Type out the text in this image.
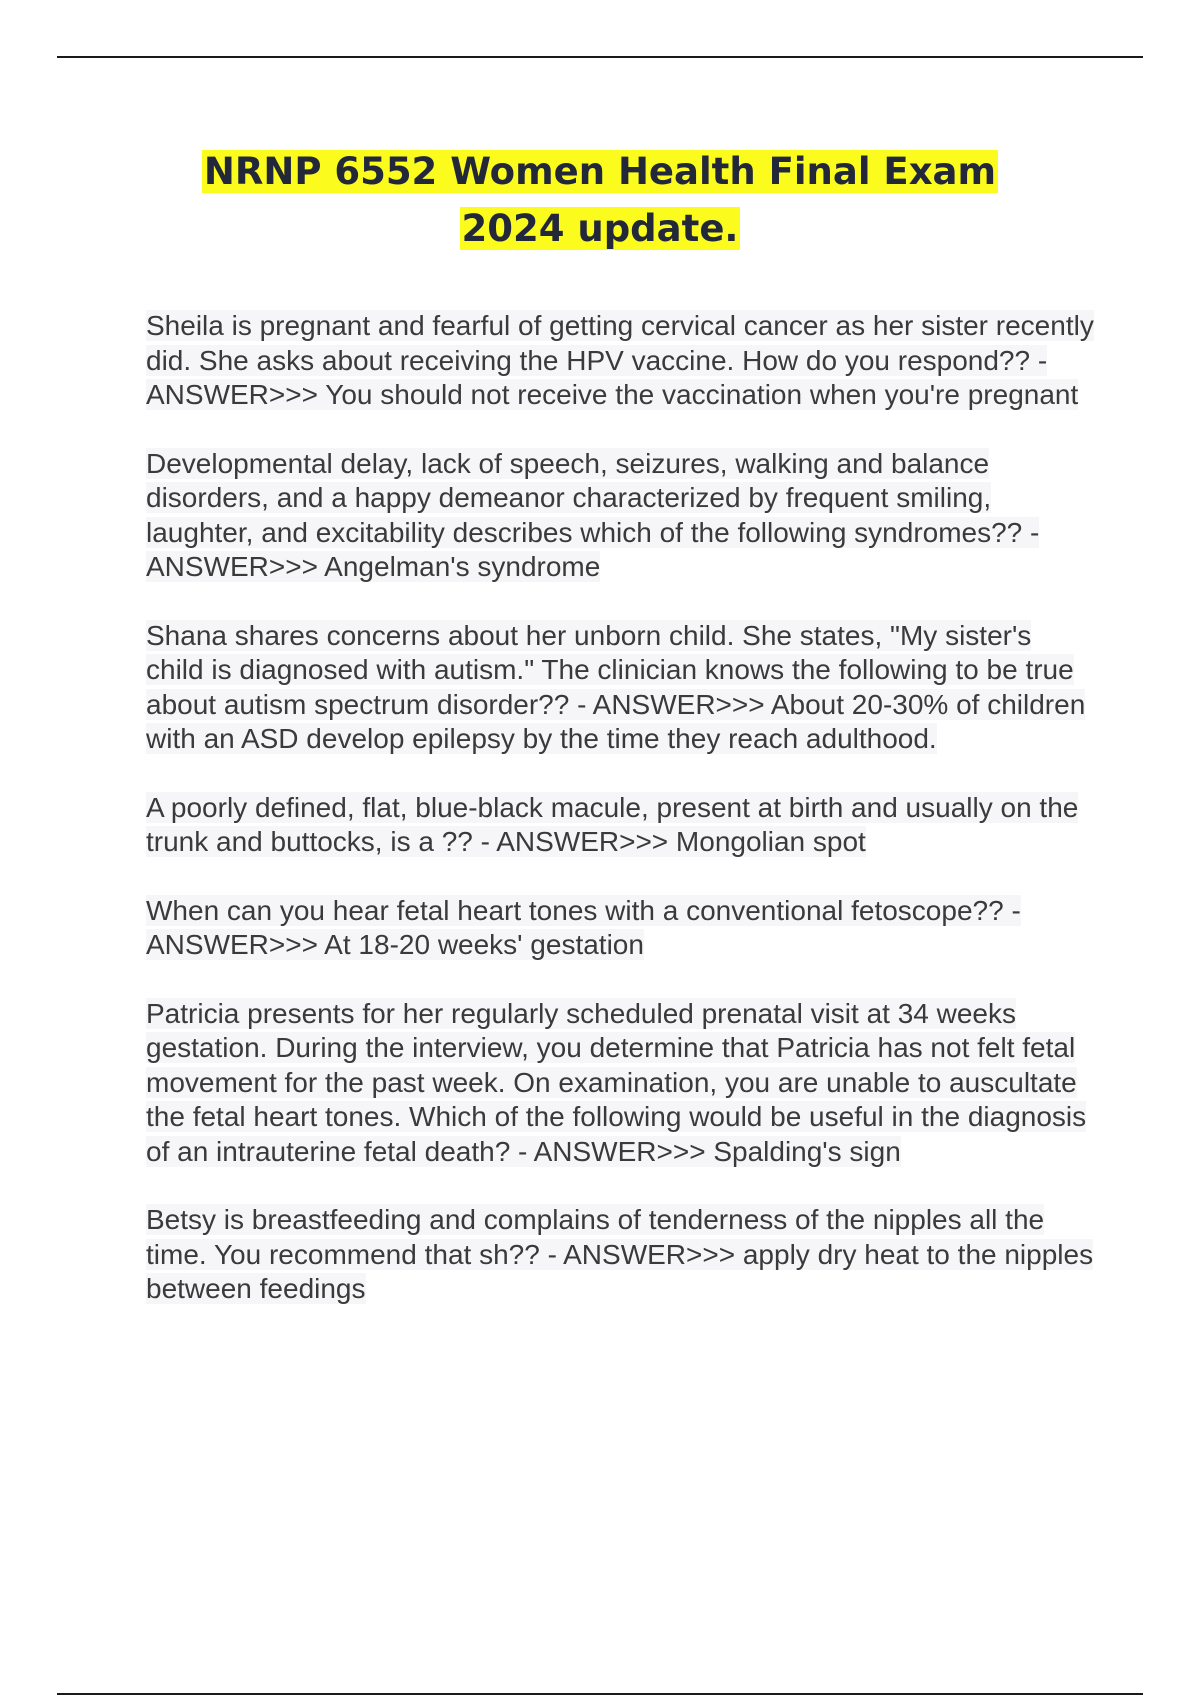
NRNP 6552 Women Health Final Exam
2024 update.

Sheila is pregnant and fearful of getting cervical cancer as her sister recently did. She asks about receiving the HPV vaccine. How do you respond?? - ANSWER>>> You should not receive the vaccination when you're pregnant

Developmental delay, lack of speech, seizures, walking and balance disorders, and a happy demeanor characterized by frequent smiling, laughter, and excitability describes which of the following syndromes?? - ANSWER>>> Angelman's syndrome

Shana shares concerns about her unborn child. She states, "My sister's child is diagnosed with autism." The clinician knows the following to be true about autism spectrum disorder?? - ANSWER>>> About 20-30% of children with an ASD develop epilepsy by the time they reach adulthood.

A poorly defined, flat, blue-black macule, present at birth and usually on the trunk and buttocks, is a ?? - ANSWER>>> Mongolian spot

When can you hear fetal heart tones with a conventional fetoscope?? - ANSWER>>> At 18-20 weeks' gestation

Patricia presents for her regularly scheduled prenatal visit at 34 weeks gestation. During the interview, you determine that Patricia has not felt fetal movement for the past week. On examination, you are unable to auscultate the fetal heart tones. Which of the following would be useful in the diagnosis of an intrauterine fetal death? - ANSWER>>> Spalding's sign

Betsy is breastfeeding and complains of tenderness of the nipples all the time. You recommend that sh?? - ANSWER>>> apply dry heat to the nipples between feedings
